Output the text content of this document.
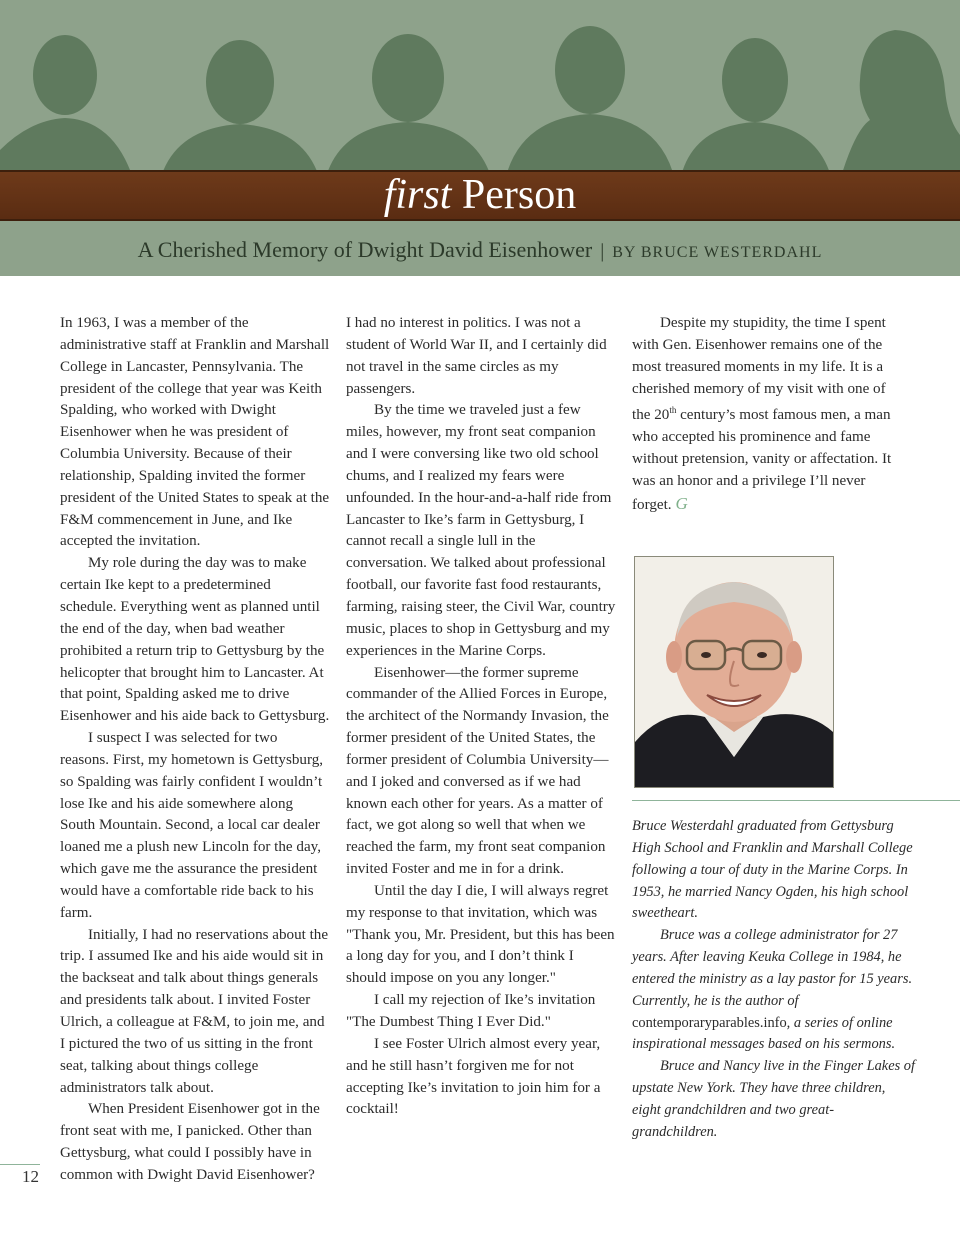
first Person
A Cherished Memory of Dwight David Eisenhower | BY BRUCE WESTERDAHL

In 1963, I was a member of the administrative staff at Franklin and Marshall College in Lancaster, Pennsylvania. The president of the college that year was Keith Spalding, who worked with Dwight Eisenhower when he was president of Columbia University. Because of their relationship, Spalding invited the former president of the United States to speak at the F&M commencement in June, and Ike accepted the invitation.

My role during the day was to make certain Ike kept to a predetermined schedule. Everything went as planned until the end of the day, when bad weather prohibited a return trip to Gettysburg by the helicopter that brought him to Lancaster. At that point, Spalding asked me to drive Eisenhower and his aide back to Gettysburg.

I suspect I was selected for two reasons. First, my hometown is Gettysburg, so Spalding was fairly confident I wouldn’t lose Ike and his aide somewhere along South Mountain. Second, a local car dealer loaned me a plush new Lincoln for the day, which gave me the assurance the president would have a comfortable ride back to his farm.

Initially, I had no reservations about the trip. I assumed Ike and his aide would sit in the backseat and talk about things generals and presidents talk about. I invited Foster Ulrich, a colleague at F&M, to join me, and I pictured the two of us sitting in the front seat, talking about things college administrators talk about.

When President Eisenhower got in the front seat with me, I panicked. Other than Gettysburg, what could I possibly have in common with Dwight David Eisenhower?

I had no interest in politics. I was not a student of World War II, and I certainly did not travel in the same circles as my passengers.

By the time we traveled just a few miles, however, my front seat companion and I were conversing like two old school chums, and I realized my fears were unfounded. In the hour-and-a-half ride from Lancaster to Ike’s farm in Gettysburg, I cannot recall a single lull in the conversation. We talked about professional football, our favorite fast food restaurants, farming, raising steer, the Civil War, country music, places to shop in Gettysburg and my experiences in the Marine Corps.

Eisenhower—the former supreme commander of the Allied Forces in Europe, the architect of the Normandy Invasion, the former president of the United States, the former president of Columbia University—and I joked and conversed as if we had known each other for years. As a matter of fact, we got along so well that when we reached the farm, my front seat companion invited Foster and me in for a drink.

Until the day I die, I will always regret my response to that invitation, which was "Thank you, Mr. President, but this has been a long day for you, and I don’t think I should impose on you any longer."

I call my rejection of Ike’s invitation "The Dumbest Thing I Ever Did."

I see Foster Ulrich almost every year, and he still hasn’t forgiven me for not accepting Ike’s invitation to join him for a cocktail!

Despite my stupidity, the time I spent with Gen. Eisenhower remains one of the most treasured moments in my life. It is a cherished memory of my visit with one of the 20th century’s most famous men, a man who accepted his prominence and fame without pretension, vanity or affectation. It was an honor and a privilege I’ll never forget. G

Bruce Westerdahl graduated from Gettysburg High School and Franklin and Marshall College following a tour of duty in the Marine Corps. In 1953, he married Nancy Ogden, his high school sweetheart.

Bruce was a college administrator for 27 years. After leaving Keuka College in 1984, he entered the ministry as a lay pastor for 15 years. Currently, he is the author of contemporaryparables.info, a series of online inspirational messages based on his sermons.

Bruce and Nancy live in the Finger Lakes of upstate New York. They have three children, eight grandchildren and two great-grandchildren.

12
